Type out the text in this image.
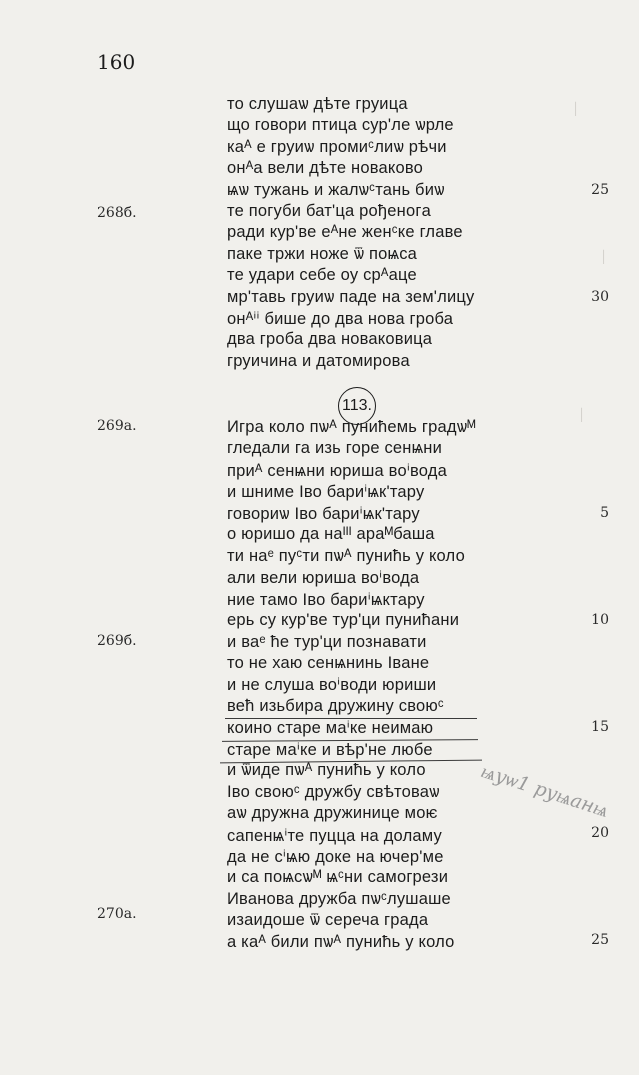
160
│
│
│
то слушаѡ дѣте груица
що говори птица сур'ле ѡрле
каᴬ е груиѡ промиᶜлиѡ рѣчи
онᴬа вели дѣте новаково
ѩѡ тужань и жалѡᶜтань биѡ
те погуби бат'ца рођеногa
ради кур'ве еᴬне женᶜке главе
паке тржи ноже ѿ поѩса
те удари себе оу срᴬаце
мр'тавь груиѡ паде на зем'лицу
онᴬⁱⁱ бише до два нова гроба
два гроба два новаковица
груичина и датомирова
Игра коло пѡᴬ пуниħемь градѡᴹ
гледали га изь горе сенѩни
приᴬ сенѩни юриша воⁱвода
и шниме Іво бариⁱѩк'тару
говориѡ Іво бариⁱѩк'тару
о юришо да наᴵᴵᴵ араᴹбаша
ти наᵉ пуᶜти пѡᴬ пуниħь у коло
али вели юриша воⁱвода
ние тамо Іво бариⁱѩктару
ерь су кур'ве тур'ци пуниħани
и ваᵉ ħе тур'ци познавати
то не хаю сенѩнинь Іване
и не слуша воⁱводи юриши
већ изьбира дружину своюᶜ
коино старе маⁱке неимаю
старе маⁱке и вѣр'не любе
и ѿиде пѡᴬ пуниħь у коло
Іво своюᶜ дружбу свѣтоваѡ
аѡ дружна дружинице моѥ
сапенѩⁱте пуцца на доламу
да не сⁱѩю доке на ючер'ме
и са поѩсѡᴹ ѩᶜни самогрези
Иванова дружба пѡᶜлушаше
изаидоше ѿ сереча града
а каᴬ били пѡᴬ пуниħь у коло
113.
268б.
269a.
269б.
270a.
25
30
5
10
15
20
25
ѩуѡ1 руѩанѩ
